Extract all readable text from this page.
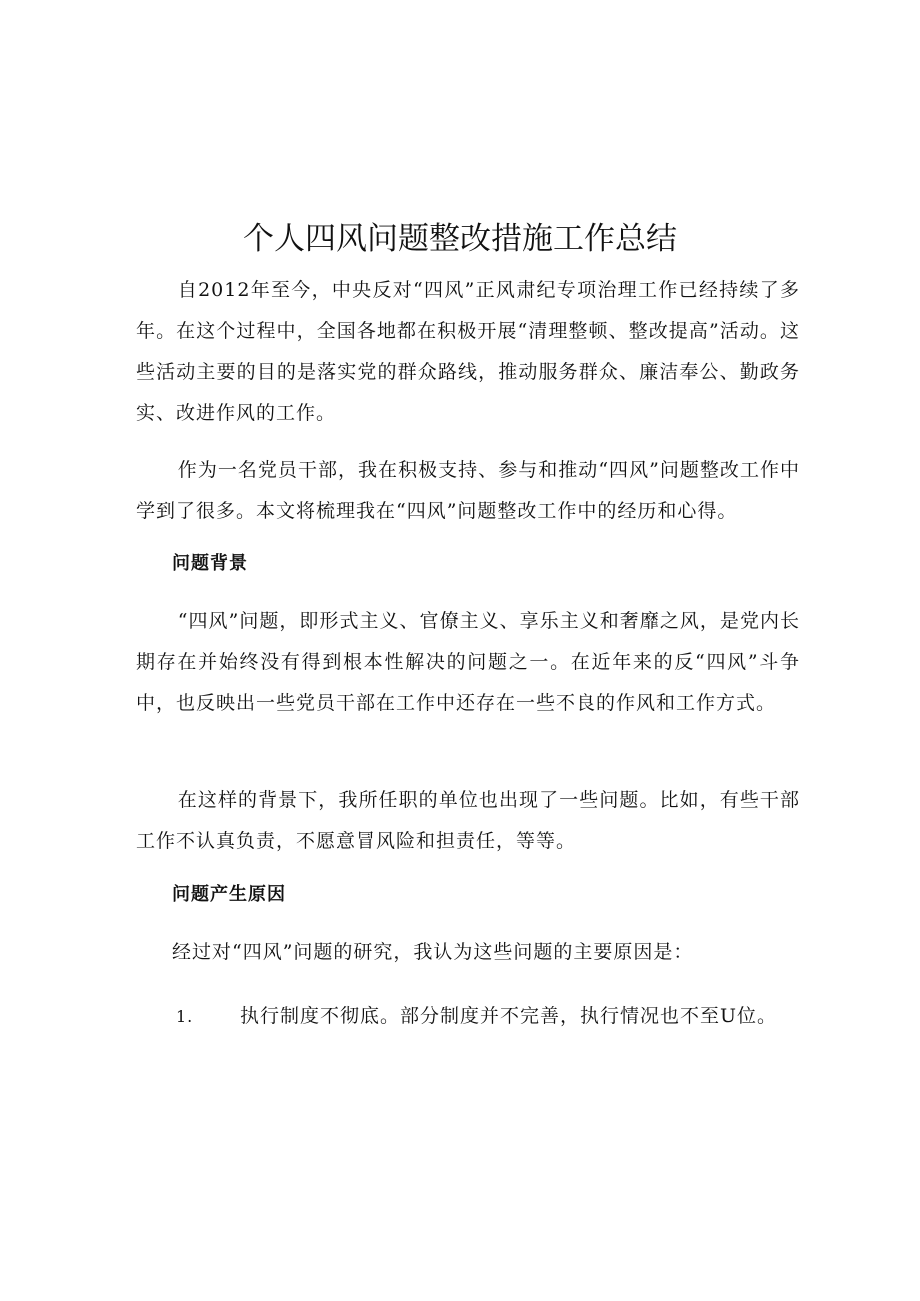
个人四风问题整改措施工作总结

自2012年至今，中央反对“四风”正风肃纪专项治理工作已经持续了多年。在这个过程中，全国各地都在积极开展“清理整顿、整改提高”活动。这些活动主要的目的是落实党的群众路线，推动服务群众、廉洁奉公、勤政务实、改进作风的工作。

作为一名党员干部，我在积极支持、参与和推动“四风”问题整改工作中学到了很多。本文将梳理我在“四风”问题整改工作中的经历和心得。

问题背景

“四风”问题，即形式主义、官僚主义、享乐主义和奢靡之风，是党内长期存在并始终没有得到根本性解决的问题之一。在近年来的反“四风”斗争中，也反映出一些党员干部在工作中还存在一些不良的作风和工作方式。

在这样的背景下，我所任职的单位也出现了一些问题。比如，有些干部工作不认真负责，不愿意冒风险和担责任，等等。

问题产生原因

经过对“四风”问题的研究，我认为这些问题的主要原因是：

1. 执行制度不彻底。部分制度并不完善，执行情况也不至U位。
